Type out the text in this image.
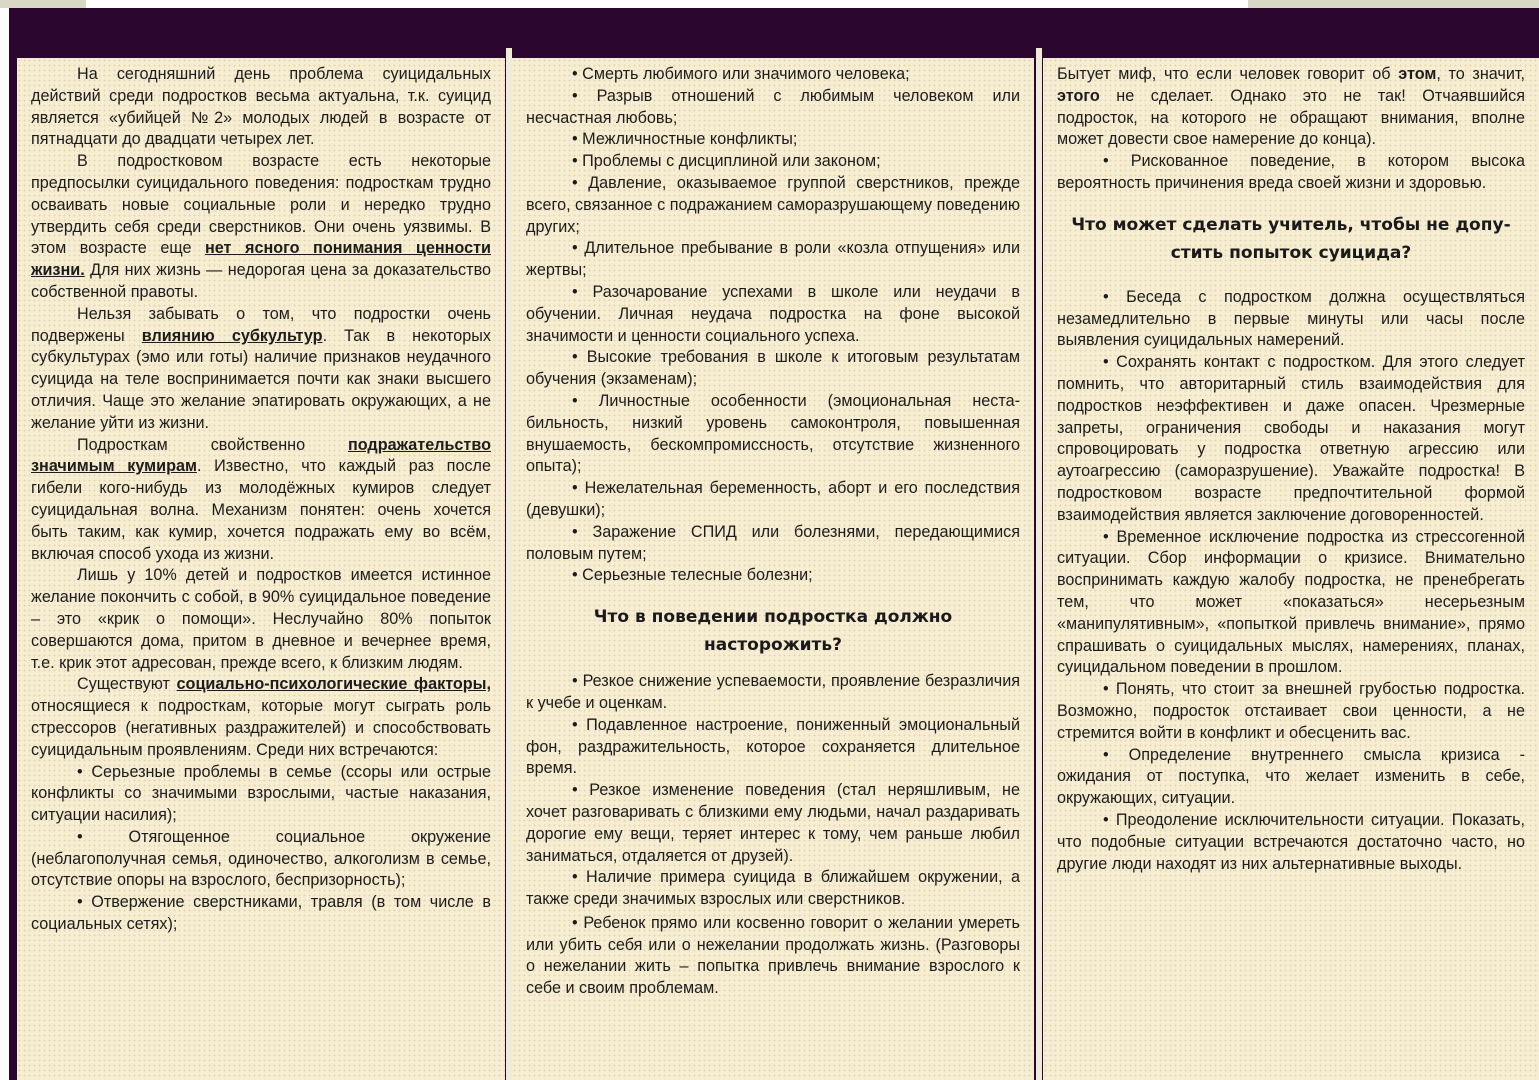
На сегодняшний день проблема суицидальных действий среди подростков весьма актуальна, т.к. суицид является «убийцей №2» молодых людей в возрасте от пятнадцати до двадцати четырех лет.

В подростковом возрасте есть некоторые предпосылки суицидального поведения: подросткам трудно осваивать новые социальные роли и нередко трудно утвердить себя среди сверстников. Они очень уязвимы. В этом возрасте еще нет ясного понимания ценности жизни. Для них жизнь — недорогая цена за доказательство собственной правоты.

Нельзя забывать о том, что подростки очень подвержены влиянию субкультур. Так в некоторых субкультурах (эмо или готы) наличие признаков неудачного суицида на теле воспринимается почти как знаки высшего отличия. Чаще это желание эпатировать окружающих, а не желание уйти из жизни.

Подросткам свойственно подражательство значимым кумирам. Известно, что каждый раз после гибели кого-нибудь из молодёжных кумиров следует суицидальная волна. Механизм понятен: очень хочется быть таким, как кумир, хочется подражать ему во всём, включая способ ухода из жизни.

Лишь у 10% детей и подростков имеется истинное желание покончить с собой, в 90% суицидальное поведение – это «крик о помощи». Неслучайно 80% попыток совершаются дома, притом в дневное и вечернее время, т.е. крик этот адресован, прежде всего, к близким людям.

Существуют социально-психологические факторы, относящиеся к подросткам, которые могут сыграть роль стрессоров (негативных раздражителей) и способствовать суицидальным проявлениям. Среди них встречаются:

• Серьезные проблемы в семье (ссоры или острые конфликты со значимыми взрослыми, частые наказания, ситуации насилия);

• Отягощенное социальное окружение (неблагополучная семья, одиночество, алкоголизм в семье, отсутствие опоры на взрослого, беспризорность);

• Отвержение сверстниками, травля (в том числе в социальных сетях);

• Смерть любимого или значимого человека;

• Разрыв отношений с любимым человеком или несчастная любовь;

• Межличностные конфликты;

• Проблемы с дисциплиной или законом;

• Давление, оказываемое группой сверстников, прежде всего, связанное с подражанием саморазрушающему поведению других;

• Длительное пребывание в роли «козла отпущения» или жертвы;

• Разочарование успехами в школе или неудачи в обучении. Личная неудача подростка на фоне высокой значимости и ценности социального успеха.

• Высокие требования в школе к итоговым результатам обучения (экзаменам);

• Личностные особенности (эмоциональная нестабильность, низкий уровень самоконтроля, повышенная внушаемость, бескомпромиссность, отсутствие жизненного опыта);

• Нежелательная беременность, аборт и его последствия (девушки);

• Заражение СПИД или болезнями, передающимися половым путем;

• Серьезные телесные болезни;

Что в поведении подростка должно насторожить?

• Резкое снижение успеваемости, проявление безразличия к учебе и оценкам.

• Подавленное настроение, пониженный эмоциональный фон, раздражительность, которое сохраняется длительное время.

• Резкое изменение поведения (стал неряшливым, не хочет разговаривать с близкими ему людьми, начал раздаривать дорогие ему вещи, теряет интерес к тому, чем раньше любил заниматься, отдаляется от друзей).

• Наличие примера суицида в ближайшем окружении, а также среди значимых взрослых или сверстников.

• Ребенок прямо или косвенно говорит о желании умереть или убить себя или о нежелании продолжать жизнь. (Разговоры о нежелании жить – попытка привлечь внимание взрослого к себе и своим проблемам.

Бытует миф, что если человек говорит об этом, то значит, этого не сделает. Однако это не так! Отчаявшийся подросток, на которого не обращают внимания, вполне может довести свое намерение до конца).

• Рискованное поведение, в котором высока вероятность причинения вреда своей жизни и здоровью.

Что может сделать учитель, чтобы не допустить попыток суицида?

• Беседа с подростком должна осуществляться незамедлительно в первые минуты или часы после выявления суицидальных намерений.

• Сохранять контакт с подростком. Для этого следует помнить, что авторитарный стиль взаимодействия для подростков неэффективен и даже опасен. Чрезмерные запреты, ограничения свободы и наказания могут спровоцировать у подростка ответную агрессию или аутоагрессию (саморазрушение). Уважайте подростка! В подростковом возрасте предпочтительной формой взаимодействия является заключение договоренностей.

• Временное исключение подростка из стрессогенной ситуации. Сбор информации о кризисе. Внимательно воспринимать каждую жалобу подростка, не пренебрегать тем, что может «показаться» несерьезным «манипулятивным», «попыткой привлечь внимание», прямо спрашивать о суицидальных мыслях, намерениях, планах, суицидальном поведении в прошлом.

• Понять, что стоит за внешней грубостью подростка. Возможно, подросток отстаивает свои ценности, а не стремится войти в конфликт и обесценить вас.

• Определение внутреннего смысла кризиса - ожидания от поступка, что желает изменить в себе, окружающих, ситуации.

• Преодоление исключительности ситуации. Показать, что подобные ситуации встречаются достаточно часто, но другие люди находят из них альтернативные выходы.
